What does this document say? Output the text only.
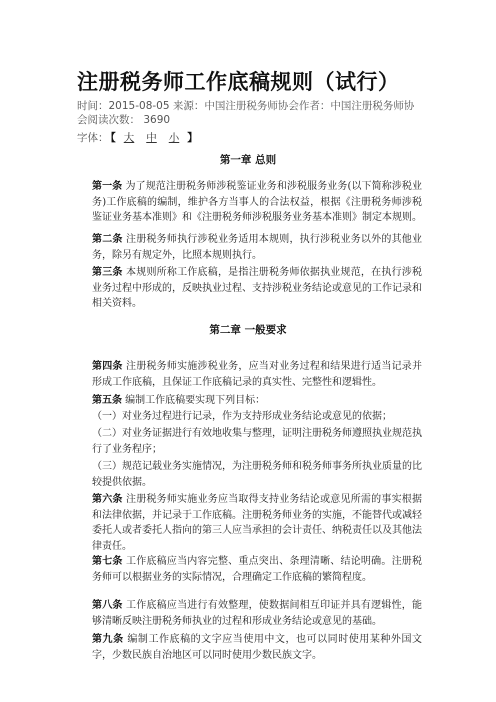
注册税务师工作底稿规则（试行）
时间：2015-08-05 来源：中国注册税务师协会作者：中国注册税务师协会阅读次数： 3690
字体： 【 大 中 小 】
第一章 总则
第一条 为了规范注册税务师涉税鉴证业务和涉税服务业务(以下简称涉税业务)工作底稿的编制，维护各方当事人的合法权益，根据《注册税务师涉税鉴证业务基本准则》和《注册税务师涉税服务业务基本准则》制定本规则。
第二条 注册税务师执行涉税业务适用本规则，执行涉税业务以外的其他业务，除另有规定外，比照本规则执行。
第三条 本规则所称工作底稿，是指注册税务师依据执业规范，在执行涉税业务过程中形成的，反映执业过程、支持涉税业务结论或意见的工作记录和相关资料。
第二章 一般要求
第四条 注册税务师实施涉税业务，应当对业务过程和结果进行适当记录并形成工作底稿，且保证工作底稿记录的真实性、完整性和逻辑性。
第五条 编制工作底稿要实现下列目标：
（一）对业务过程进行记录，作为支持形成业务结论或意见的依据；
（二）对业务证据进行有效地收集与整理，证明注册税务师遵照执业规范执行了业务程序；
（三）规范记载业务实施情况，为注册税务师和税务师事务所执业质量的比较提供依据。
第六条 注册税务师实施业务应当取得支持业务结论或意见所需的事实根据和法律依据，并记录于工作底稿。注册税务师业务的实施，不能替代或减轻委托人或者委托人指向的第三人应当承担的会计责任、纳税责任以及其他法律责任。
第七条 工作底稿应当内容完整、重点突出、条理清晰、结论明确。注册税务师可以根据业务的实际情况，合理确定工作底稿的繁简程度。
第八条 工作底稿应当进行有效整理，使数据间相互印证并具有逻辑性，能够清晰反映注册税务师执业的过程和形成业务结论或意见的基础。
第九条 编制工作底稿的文字应当使用中文，也可以同时使用某种外国文字，少数民族自治地区可以同时使用少数民族文字。
